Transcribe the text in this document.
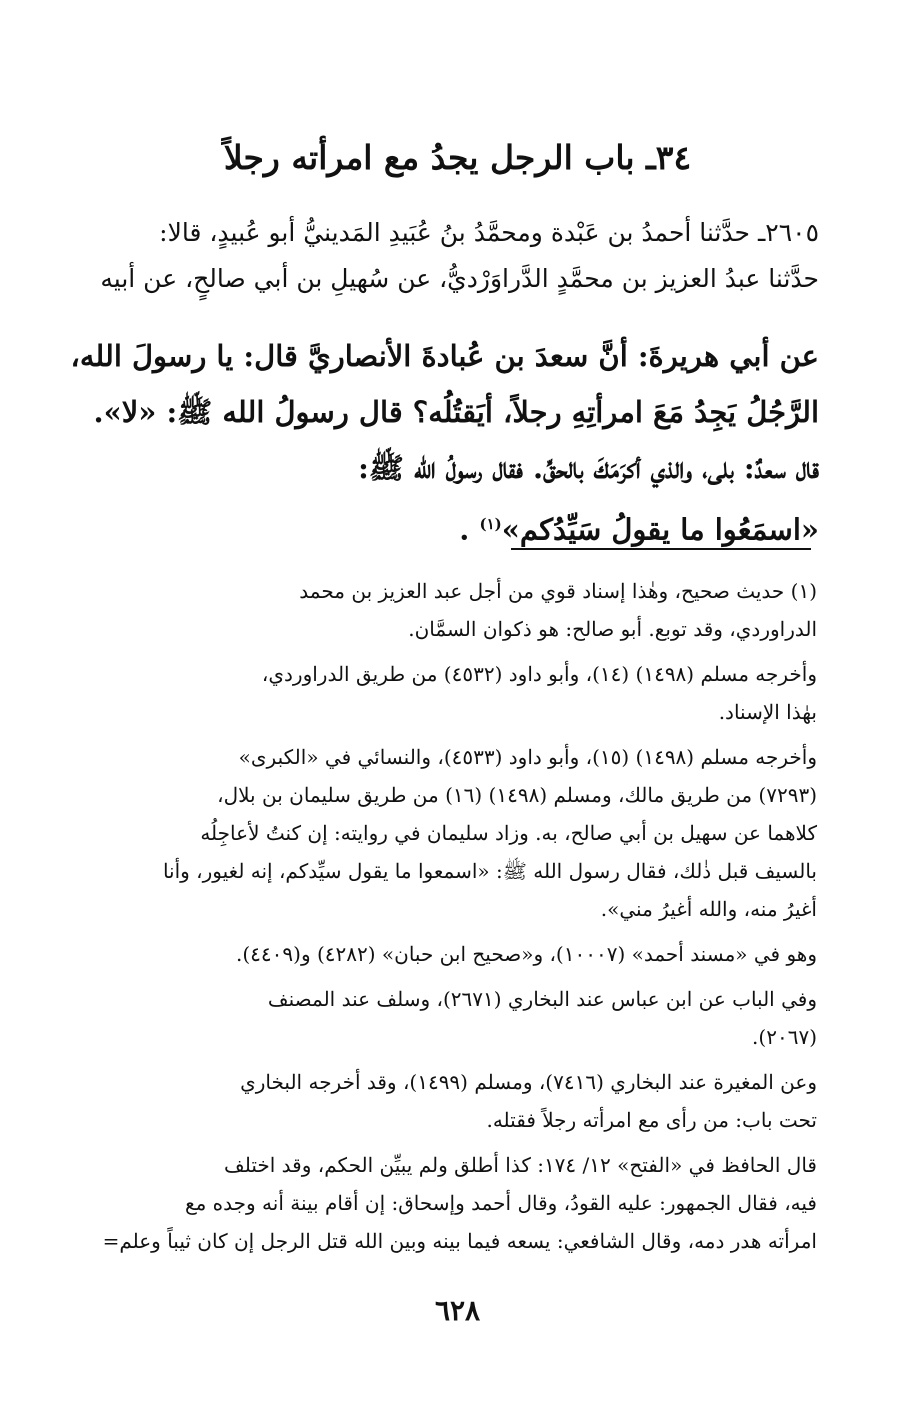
٣٤ـ باب الرجل يجدُ مع امرأته رجلاً
٢٦٠٥ـ حدَّثنا أحمدُ بن عَبْدة ومحمَّدُ بنُ عُبَيدِ المَدينيُّ أبو عُبيدٍ، قالا:
حدَّثنا عبدُ العزيز بن محمَّدٍ الدَّراوَرْديُّ، عن سُهيلِ بن أبي صالحٍ، عن أبيه
عن أبي هريرةَ: أنَّ سعدَ بن عُبادةَ الأنصاريَّ قال: يا رسولَ الله،
الرَّجُلُ يَجِدُ مَعَ امرأتِهِ رجلاً، أيَقتُلُه؟ قال رسولُ الله ﷺ: «لا».
قال سعدٌ: بلى، والذي أكرَمَكَ بالحقِّ. فقال رسولُ الله ﷺ:
«اسمَعُوا ما يقولُ سَيِّدُكم»$^{(١)}$ .

(١) حديث صحيح، وهٰذا إسناد قوي من أجل عبد العزيز بن محمد
الدراوردي، وقد توبع. أبو صالح: هو ذكوان السمَّان.

وأخرجه مسلم (١٤٩٨) (١٤)، وأبو داود (٤٥٣٢) من طريق الدراوردي،
بهٰذا الإسناد.

وأخرجه مسلم (١٤٩٨) (١٥)، وأبو داود (٤٥٣٣)، والنسائي في «الكبرى»
(٧٢٩٣) من طريق مالك، ومسلم (١٤٩٨) (١٦) من طريق سليمان بن بلال،
كلاهما عن سهيل بن أبي صالح، به. وزاد سليمان في روايته: إن كنتُ لأعاجِلُه
بالسيف قبل ذٰلك، فقال رسول الله ﷺ: «اسمعوا ما يقول سيِّدكم، إنه لغيور، وأنا
أغيرُ منه، والله أغيرُ مني».

وهو في «مسند أحمد» (١٠٠٠٧)، و«صحيح ابن حبان» (٤٢٨٢) و(٤٤٠٩).

وفي الباب عن ابن عباس عند البخاري (٢٦٧١)، وسلف عند المصنف
(٢٠٦٧).

وعن المغيرة عند البخاري (٧٤١٦)، ومسلم (١٤٩٩)، وقد أخرجه البخاري
تحت باب: من رأى مع امرأته رجلاً فقتله.

قال الحافظ في «الفتح» ١٢/ ١٧٤: كذا أطلق ولم يبيِّن الحكم، وقد اختلف
فيه، فقال الجمهور: عليه القودُ، وقال أحمد وإسحاق: إن أقام بينة أنه وجده مع
امرأته هدر دمه، وقال الشافعي: يسعه فيما بينه وبين الله قتل الرجل إن كان ثيباً وعلم=

٦٢٨
